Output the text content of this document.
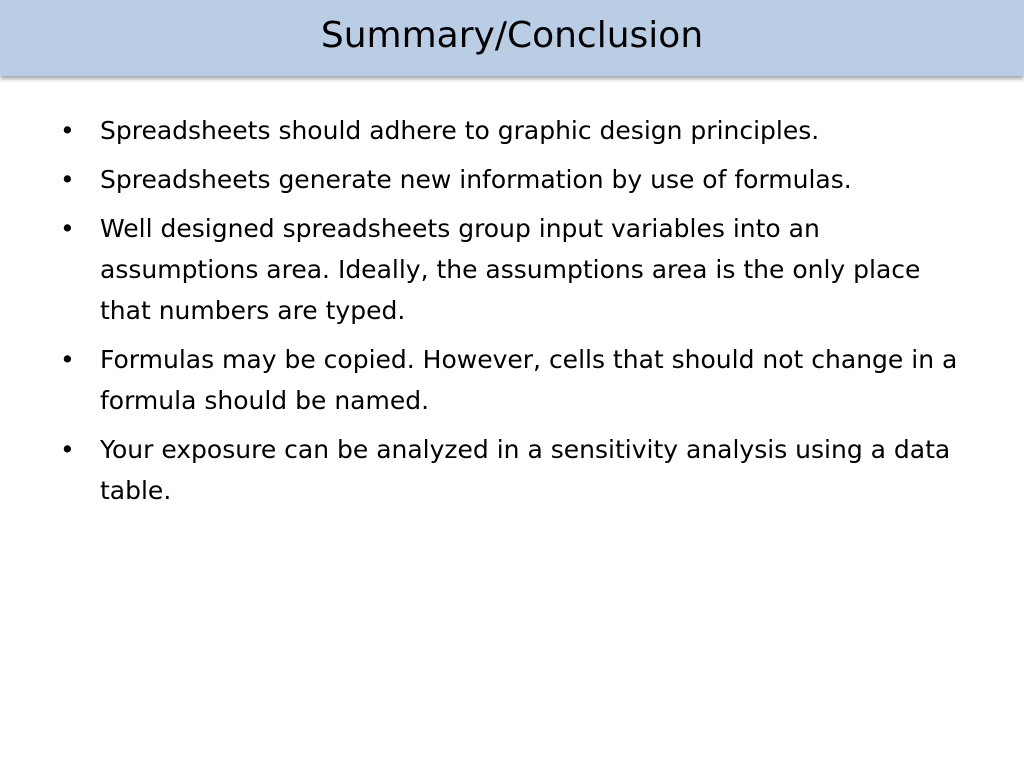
Summary/Conclusion
• Spreadsheets should adhere to graphic design principles.
• Spreadsheets generate new information by use of formulas.
• Well designed spreadsheets group input variables into an assumptions area. Ideally, the assumptions area is the only place that numbers are typed.
• Formulas may be copied. However, cells that should not change in a formula should be named.
• Your exposure can be analyzed in a sensitivity analysis using a data table.
